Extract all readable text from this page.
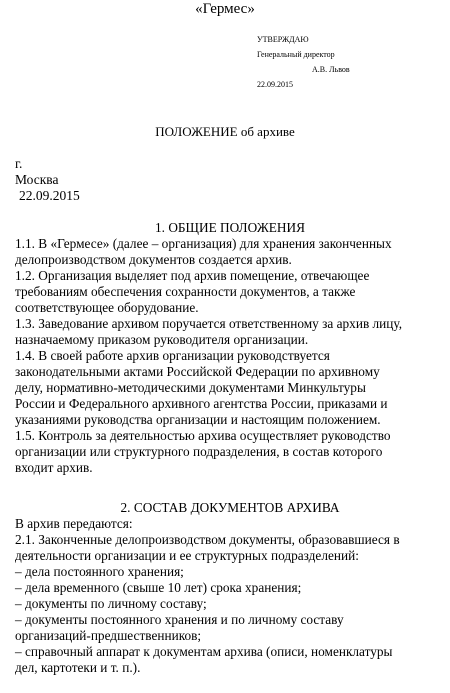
«Гермес»
УТВЕРЖДАЮ
Генеральный директор
А.В. Львов
22.09.2015
ПОЛОЖЕНИЕ об архиве
г.
Москва
22.09.2015
1. ОБЩИЕ ПОЛОЖЕНИЯ

1.1. В «Гермесе» (далее – организация) для хранения законченных

делопроизводством документов создается архив.

1.2. Организация выделяет под архив помещение, отвечающее

требованиям обеспечения сохранности документов, а также

соответствующее оборудование.

1.3. Заведование архивом поручается ответственному за архив лицу,

назначаемому приказом руководителя организации.

1.4. В своей работе архив организации руководствуется

законодательными актами Российской Федерации по архивному

делу, нормативно-методическими документами Минкультуры

России и Федерального архивного агентства России, приказами и

указаниями руководства организации и настоящим положением.

1.5. Контроль за деятельностью архива осуществляет руководство

организации или структурного подразделения, в состав которого

входит архив.

2. СОСТАВ ДОКУМЕНТОВ АРХИВА

В архив передаются:

2.1. Законченные делопроизводством документы, образовавшиеся в

деятельности организации и ее структурных подразделений:

– дела постоянного хранения;

– дела временного (свыше 10 лет) срока хранения;

– документы по личному составу;

– документы постоянного хранения и по личному составу

организаций-предшественников;

– справочный аппарат к документам архива (описи, номенклатуры

дел, картотеки и т. п.).
